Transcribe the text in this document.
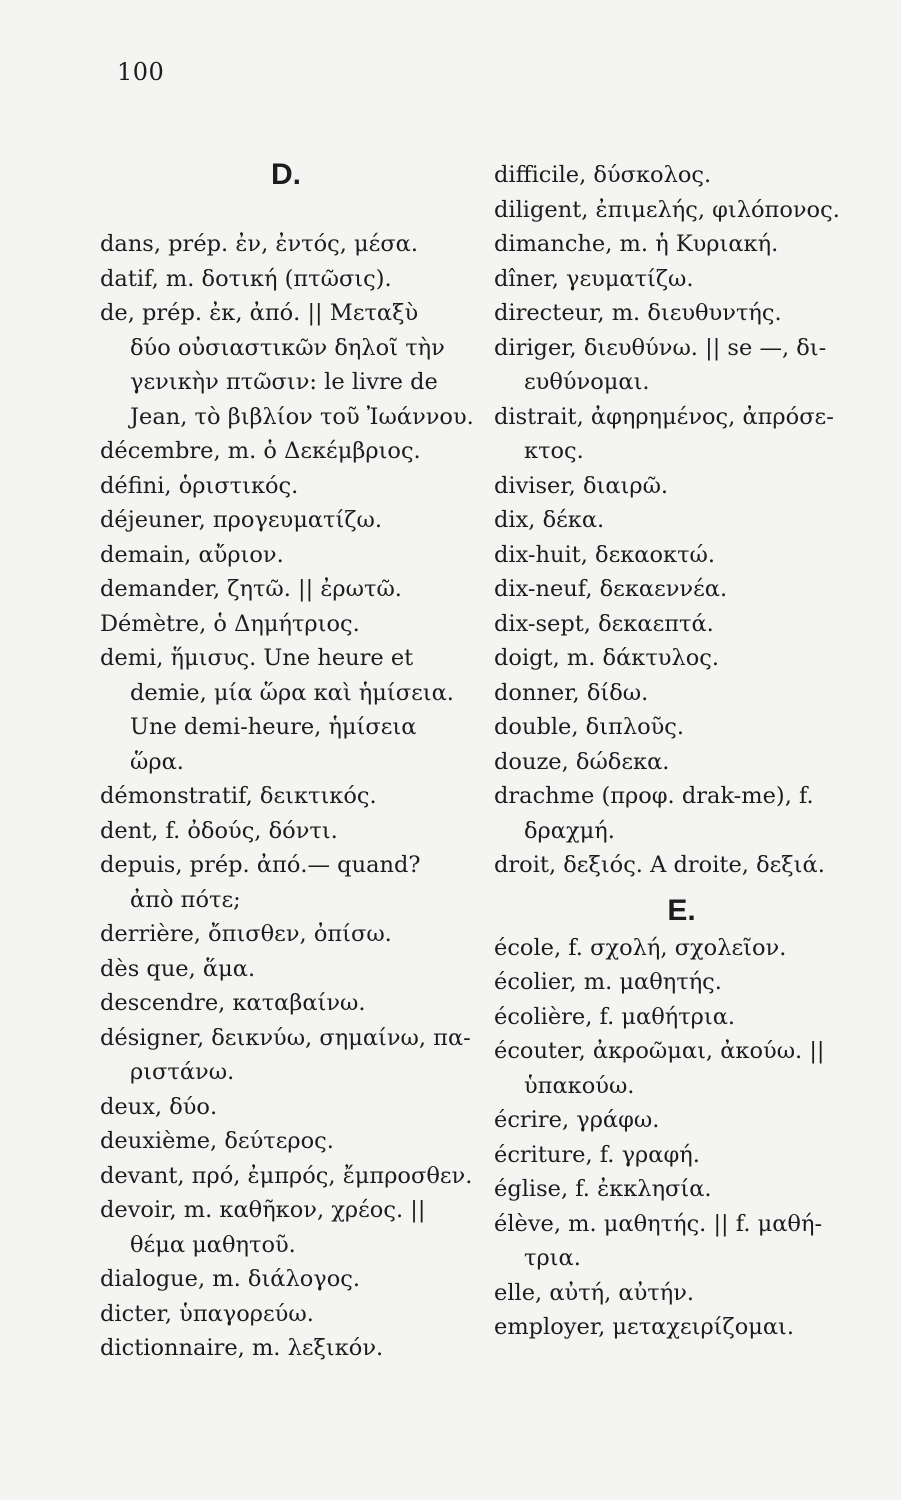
100
D.
dans, prép. ἐν, ἐντός, μέσα.
datif, m. δοτική (πτῶσις).
de, prép. ἐκ, ἀπό. || Μεταξὺ
δύο οὐσιαστικῶν δηλοῖ τὴν
γενικὴν πτῶσιν: le livre de
Jean, τὸ βιβλίον τοῦ Ἰωάννου.
décembre, m. ὁ Δεκέμβριος.
défini, ὁριστικός.
déjeuner, προγευματίζω.
demain, αὔριον.
demander, ζητῶ. || ἐρωτῶ.
Démètre, ὁ Δημήτριος.
demi, ἥμισυς. Une heure et
demie, μία ὥρα καὶ ἡμίσεια.
Une demi-heure, ἡμίσεια
ὥρα.
démonstratif, δεικτικός.
dent, f. ὀδούς, δόντι.
depuis, prép. ἀπό.— quand?
ἀπὸ πότε;
derrière, ὄπισθεν, ὀπίσω.
dès que, ἅμα.
descendre, καταβαίνω.
désigner, δεικνύω, σημαίνω, πα-
ριστάνω.
deux, δύο.
deuxième, δεύτερος.
devant, πρό, ἐμπρός, ἔμπροσθεν.
devoir, m. καθῆκον, χρέος. ||
θέμα μαθητοῦ.
dialogue, m. διάλογος.
dicter, ὑπαγορεύω.
dictionnaire, m. λεξικόν.
difficile, δύσκολος.
diligent, ἐπιμελής, φιλόπονος.
dimanche, m. ἡ Κυριακή.
dîner, γευματίζω.
directeur, m. διευθυντής.
diriger, διευθύνω. || se —, δι-
ευθύνομαι.
distrait, ἀφηρημένος, ἀπρόσε-
κτος.
diviser, διαιρῶ.
dix, δέκα.
dix-huit, δεκαοκτώ.
dix-neuf, δεκαεννέα.
dix-sept, δεκαεπτά.
doigt, m. δάκτυλος.
donner, δίδω.
double, διπλοῦς.
douze, δώδεκα.
drachme (προφ. drak-me), f.
δραχμή.
droit, δεξιός. A droite, δεξιά.
E.
école, f. σχολή, σχολεῖον.
écolier, m. μαθητής.
écolière, f. μαθήτρια.
écouter, ἀκροῶμαι, ἀκούω. ||
ὑπακούω.
écrire, γράφω.
écriture, f. γραφή.
église, f. ἐκκλησία.
élève, m. μαθητής. || f. μαθή-
τρια.
elle, αὐτή, αὐτήν.
employer, μεταχειρίζομαι.
